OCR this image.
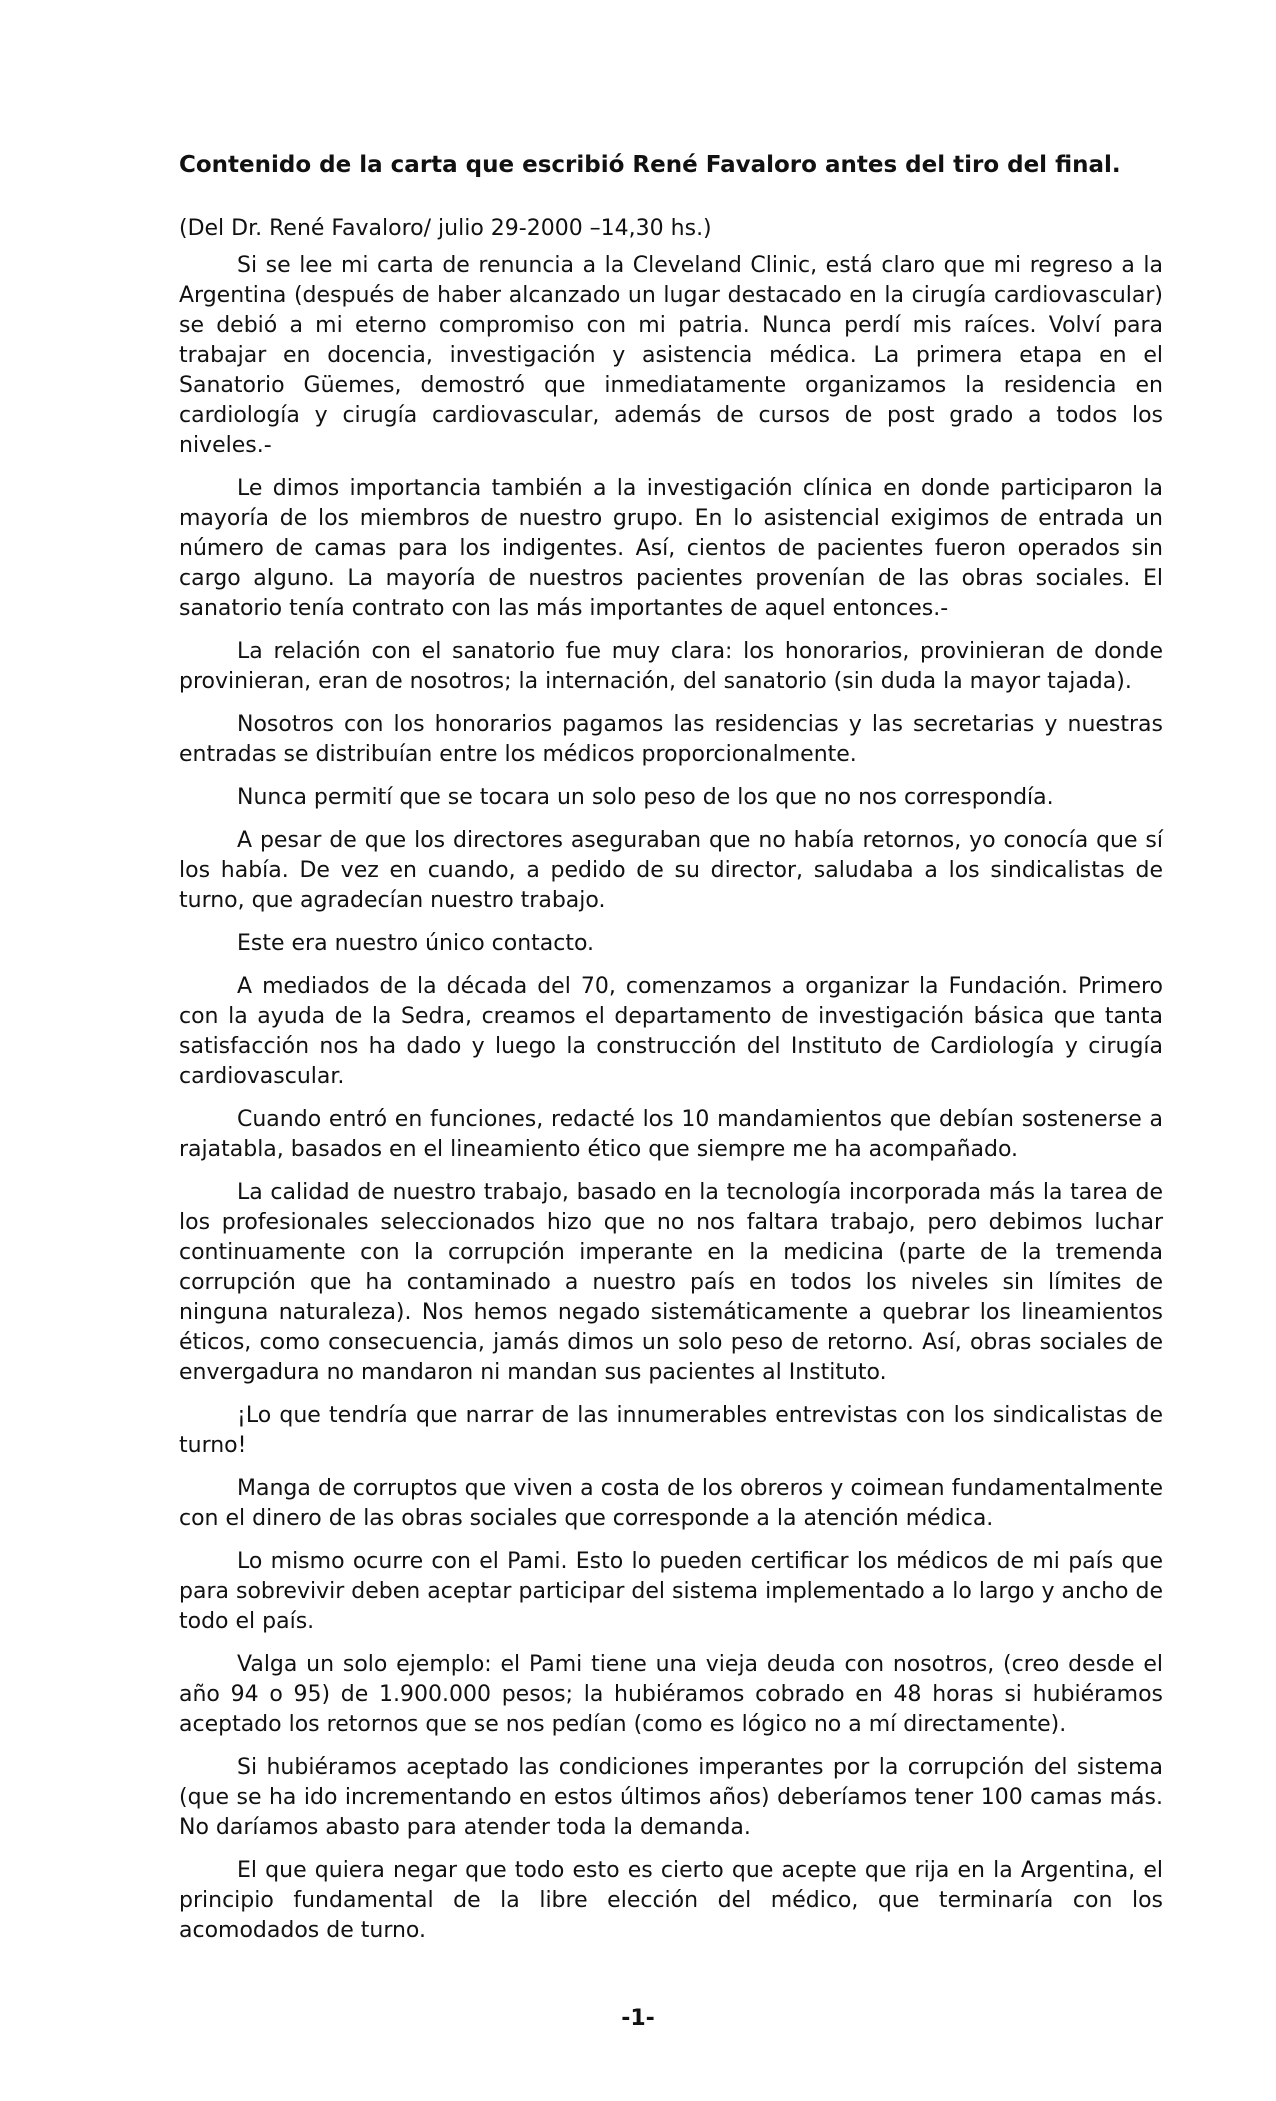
Contenido de la carta que escribió René Favaloro antes del tiro del final.
(Del Dr. René Favaloro/ julio 29-2000 –14,30 hs.)

Si se lee mi carta de renuncia a la Cleveland Clinic, está claro que mi regreso a la Argentina (después de haber alcanzado un lugar destacado en la cirugía cardiovascular) se debió a mi eterno compromiso con mi patria. Nunca perdí mis raíces. Volví para trabajar en docencia, investigación y asistencia médica. La primera etapa en el Sanatorio Güemes, demostró que inmediatamente organizamos la residencia en cardiología y cirugía cardiovascular, además de cursos de post grado a todos los niveles.-

Le dimos importancia también a la investigación clínica en donde participaron la mayoría de los miembros de nuestro grupo. En lo asistencial exigimos de entrada un número de camas para los indigentes. Así, cientos de pacientes fueron operados sin cargo alguno. La mayoría de nuestros pacientes provenían de las obras sociales. El sanatorio tenía contrato con las más importantes de aquel entonces.-

La relación con el sanatorio fue muy clara: los honorarios, provinieran de donde provinieran, eran de nosotros; la internación, del sanatorio (sin duda la mayor tajada).

Nosotros con los honorarios pagamos las residencias y las secretarias y nuestras entradas se distribuían entre los médicos proporcionalmente.

Nunca permití que se tocara un solo peso de los que no nos correspondía.

A pesar de que los directores aseguraban que no había retornos, yo conocía que sí los había. De vez en cuando, a pedido de su director, saludaba a los sindicalistas de turno, que agradecían nuestro trabajo.

Este era nuestro único contacto.

A mediados de la década del 70, comenzamos a organizar la Fundación. Primero con la ayuda de la Sedra, creamos el departamento de investigación básica que tanta satisfacción nos ha dado y luego la construcción del Instituto de Cardiología y cirugía cardiovascular.

Cuando entró en funciones, redacté los 10 mandamientos que debían sostenerse a rajatabla, basados en el lineamiento ético que siempre me ha acompañado.

La calidad de nuestro trabajo, basado en la tecnología incorporada más la tarea de los profesionales seleccionados hizo que no nos faltara trabajo, pero debimos luchar continuamente con la corrupción imperante en la medicina (parte de la tremenda corrupción que ha contaminado a nuestro país en todos los niveles sin límites de ninguna naturaleza). Nos hemos negado sistemáticamente a quebrar los lineamientos éticos, como consecuencia, jamás dimos un solo peso de retorno. Así, obras sociales de envergadura no mandaron ni mandan sus pacientes al Instituto.

¡Lo que tendría que narrar de las innumerables entrevistas con los sindicalistas de turno!

Manga de corruptos que viven a costa de los obreros y coimean fundamentalmente con el dinero de las obras sociales que corresponde a la atención médica.

Lo mismo ocurre con el Pami. Esto lo pueden certificar los médicos de mi país que para sobrevivir deben aceptar participar del sistema implementado a lo largo y ancho de todo el país.

Valga un solo ejemplo: el Pami tiene una vieja deuda con nosotros, (creo desde el año 94 o 95) de 1.900.000 pesos; la hubiéramos cobrado en 48 horas si hubiéramos aceptado los retornos que se nos pedían (como es lógico no a mí directamente).

Si hubiéramos aceptado las condiciones imperantes por la corrupción del sistema (que se ha ido incrementando en estos últimos años) deberíamos tener 100 camas más. No daríamos abasto para atender toda la demanda.

El que quiera negar que todo esto es cierto que acepte que rija en la Argentina, el principio fundamental de la libre elección del médico, que terminaría con los acomodados de turno.

-1-
